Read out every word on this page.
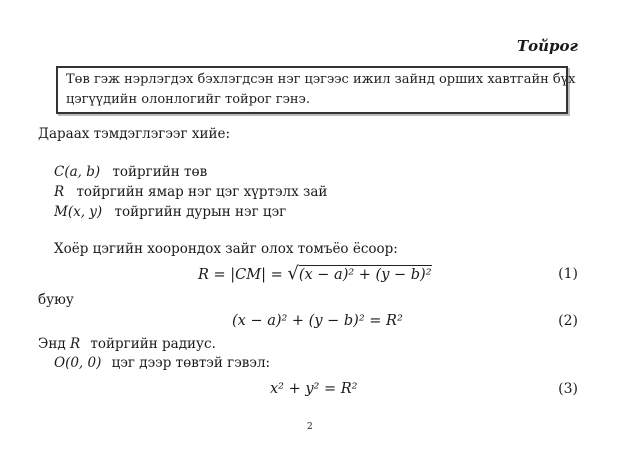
Тойрог
Төв гэж нэрлэгдэх бэхлэгдсэн нэг цэгээс ижил зайнд орших хавтгайн бүх
цэгүүдийн олонлогийг тойрог гэнэ.
Дараах тэмдэглэгээг хийе:
C(a, b) тойргийн төв
R тойргийн ямар нэг цэг хүртэлх зай
M(x, y) тойргийн дурын нэг цэг
Хоёр цэгийн хоорондох зайг олох томъёо ёсоор:
R = |CM| = √(x − a)² + (y − b)²	(1)
буюу
(x − a)² + (y − b)² = R²	(2)
Энд R тойргийн радиус.
O(0, 0) цэг дээр төвтэй гэвэл:
x² + y² = R²	(3)
2
